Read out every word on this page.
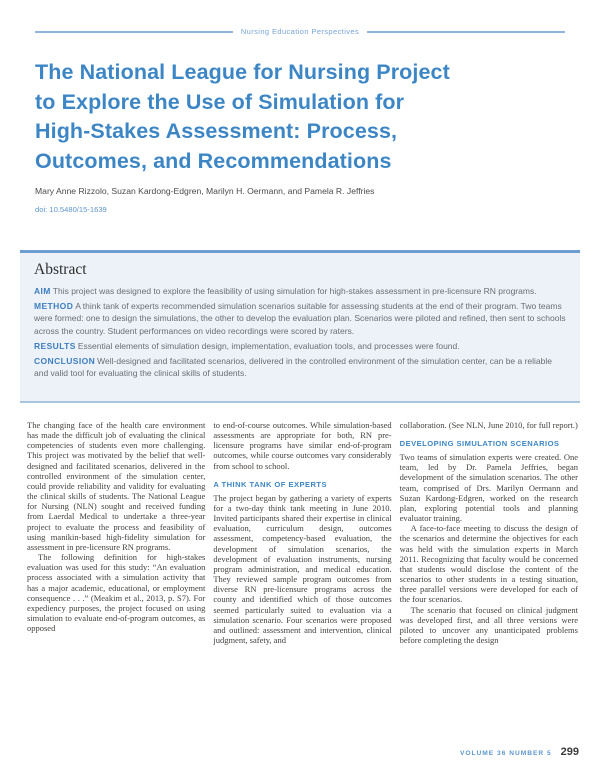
Nursing Education Perspectives
The National League for Nursing Project
to Explore the Use of Simulation for
High-Stakes Assessment: Process,
Outcomes, and Recommendations
Mary Anne Rizzolo, Suzan Kardong-Edgren, Marilyn H. Oermann, and Pamela R. Jeffries
doi: 10.5480/15-1639
Abstract
AIM This project was designed to explore the feasibility of using simulation for high-stakes assessment in pre-licensure RN programs.
METHOD A think tank of experts recommended simulation scenarios suitable for assessing students at the end of their program. Two teams were formed: one to design the simulations, the other to develop the evaluation plan. Scenarios were piloted and refined, then sent to schools across the country. Student performances on video recordings were scored by raters.
RESULTS Essential elements of simulation design, implementation, evaluation tools, and processes were found.
CONCLUSION Well-designed and facilitated scenarios, delivered in the controlled environment of the simulation center, can be a reliable and valid tool for evaluating the clinical skills of students.

The changing face of the health care environment has made the difficult job of evaluating the clinical competencies of students even more challenging. This project was motivated by the belief that well-designed and facilitated scenarios, delivered in the controlled environment of the simulation center, could provide reliability and validity for evaluating the clinical skills of students. The National League for Nursing (NLN) sought and received funding from Laerdal Medical to undertake a three-year project to evaluate the process and feasibility of using manikin-based high-fidelity simulation for assessment in pre-licensure RN programs.

The following definition for high-stakes evaluation was used for this study: “An evaluation process associated with a simulation activity that has a major academic, educational, or employment consequence . . .” (Meakim et al., 2013, p. S7). For expediency purposes, the project focused on using simulation to evaluate end-of-program outcomes, as opposed

to end-of-course outcomes. While simulation-based assessments are appropriate for both, RN pre-licensure programs have similar end-of-program outcomes, while course outcomes vary considerably from school to school.

A THINK TANK OF EXPERTS

The project began by gathering a variety of experts for a two-day think tank meeting in June 2010. Invited participants shared their expertise in clinical evaluation, curriculum design, outcomes assessment, competency-based evaluation, the development of simulation scenarios, the development of evaluation instruments, nursing program administration, and medical education. They reviewed sample program outcomes from diverse RN pre-licensure programs across the county and identified which of those outcomes seemed particularly suited to evaluation via a simulation scenario. Four scenarios were proposed and outlined: assessment and intervention, clinical judgment, safety, and

collaboration. (See NLN, June 2010, for full report.)

DEVELOPING SIMULATION SCENARIOS

Two teams of simulation experts were created. One team, led by Dr. Pamela Jeffries, began development of the simulation scenarios. The other team, comprised of Drs. Marilyn Oermann and Suzan Kardong-Edgren, worked on the research plan, exploring potential tools and planning evaluator training.

A face-to-face meeting to discuss the design of the scenarios and determine the objectives for each was held with the simulation experts in March 2011. Recognizing that faculty would be concerned that students would disclose the content of the scenarios to other students in a testing situation, three parallel versions were developed for each of the four scenarios.

The scenario that focused on clinical judgment was developed first, and all three versions were piloted to uncover any unanticipated problems before completing the design

VOLUME 36 NUMBER 5 299
